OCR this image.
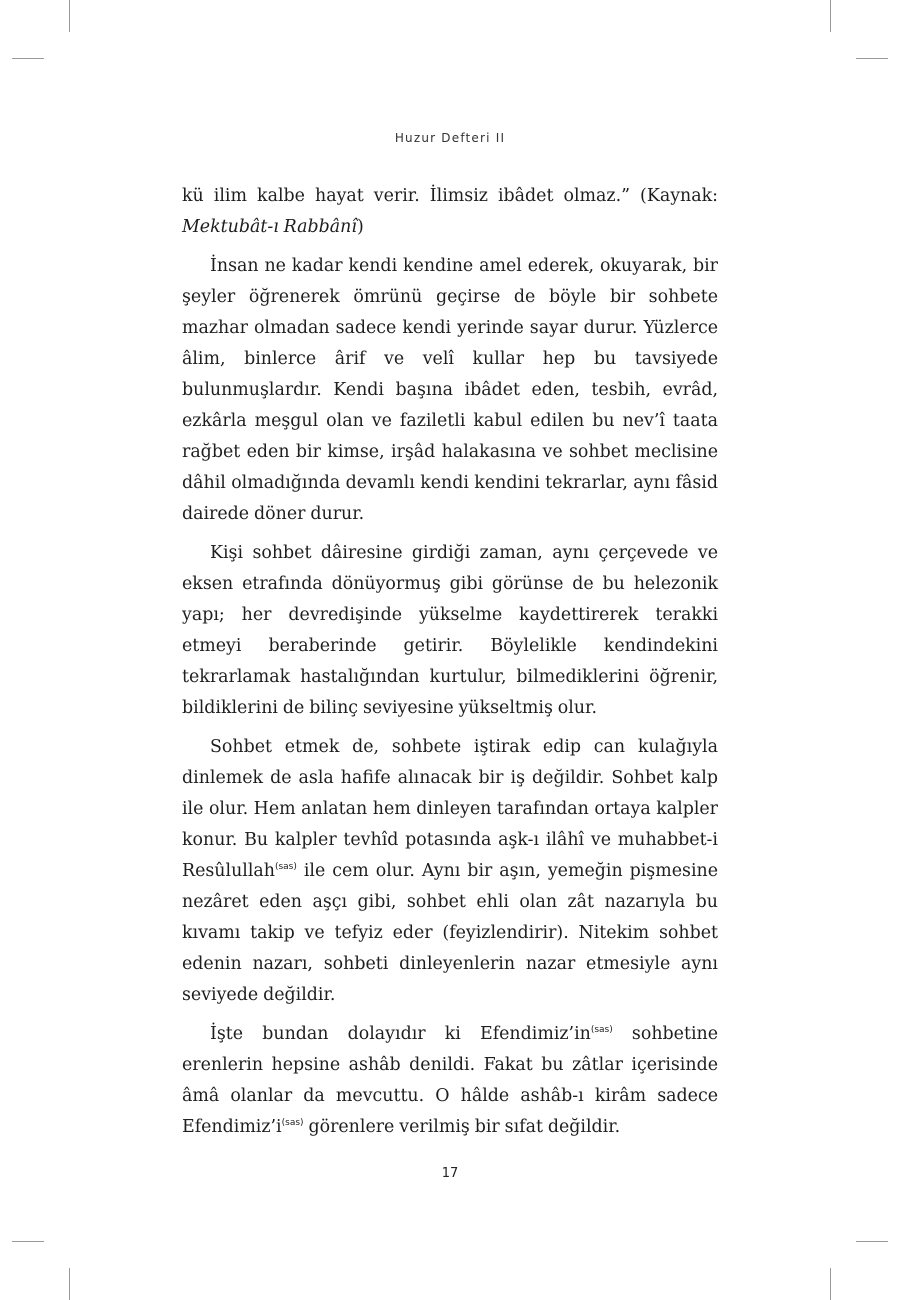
Huzur Defteri II

kü ilim kalbe hayat verir. İlimsiz ibâdet olmaz.” (Kaynak: Mektubât-ı Rabbânî)

İnsan ne kadar kendi kendine amel ederek, okuyarak, bir şeyler öğrenerek ömrünü geçirse de böyle bir sohbete mazhar olmadan sadece kendi yerinde sayar durur. Yüzlerce âlim, binlerce ârif ve velî kullar hep bu tavsiyede bulunmuşlardır. Kendi başına ibâdet eden, tesbih, evrâd, ezkârla meşgul olan ve faziletli kabul edilen bu nev’î taata rağbet eden bir kimse, irşâd halakasına ve sohbet meclisine dâhil olmadığında devamlı kendi kendini tekrarlar, aynı fâsid dairede döner durur.

Kişi sohbet dâiresine girdiği zaman, aynı çerçevede ve eksen etrafında dönüyormuş gibi görünse de bu helezonik yapı; her devredişinde yükselme kaydettirerek terakki etmeyi beraberinde getirir. Böylelikle kendindekini tekrarlamak hastalığından kurtulur, bilmediklerini öğrenir, bildiklerini de bilinç seviyesine yükseltmiş olur.

Sohbet etmek de, sohbete iştirak edip can kulağıyla dinlemek de asla hafife alınacak bir iş değildir. Sohbet kalp ile olur. Hem anlatan hem dinleyen tarafından ortaya kalpler konur. Bu kalpler tevhîd potasında aşk-ı ilâhî ve muhabbet-i Resûlullah$^{(sas)}$ ile cem olur. Aynı bir aşın, yemeğin pişmesine nezâret eden aşçı gibi, sohbet ehli olan zât nazarıyla bu kıvamı takip ve tefyiz eder (feyizlendirir). Nitekim sohbet edenin nazarı, sohbeti dinleyenlerin nazar etmesiyle aynı seviyede değildir.

İşte bundan dolayıdır ki $Efendimiz’in^{(sas)}$ sohbetine erenlerin hepsine ashâb denildi. Fakat bu zâtlar içerisinde âmâ olanlar da mevcuttu. O hâlde ashâb-ı kirâm sadece $Efendimiz’i^{(sas)}$ görenlere verilmiş bir sıfat değildir.

17
